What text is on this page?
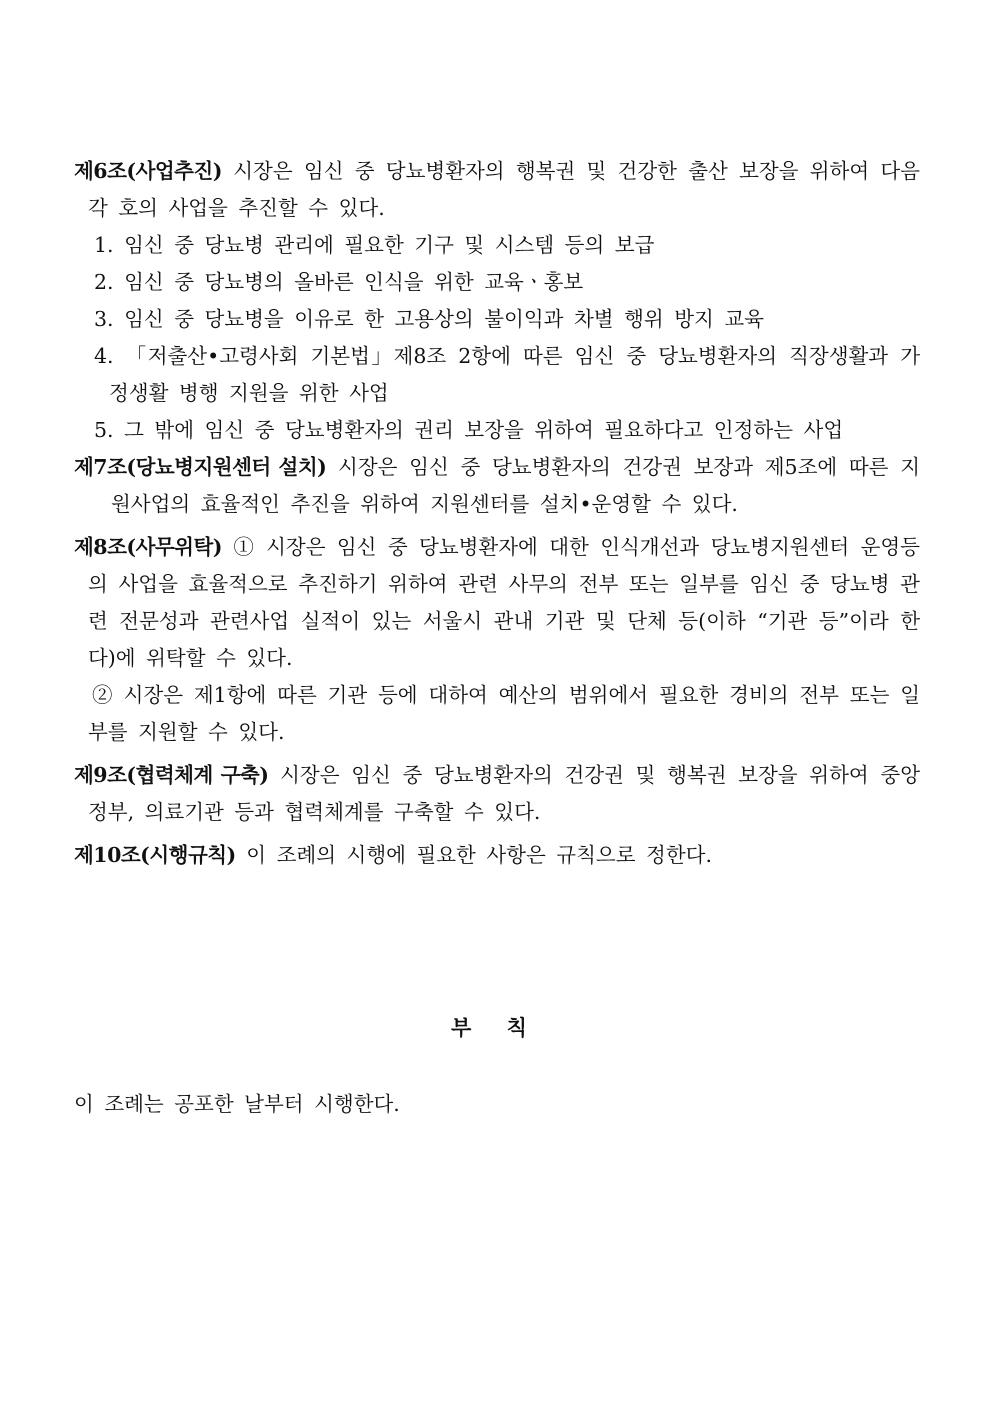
제6조(사업추진) 시장은 임신 중 당뇨병환자의 행복권 및 건강한 출산 보장을 위하여 다음 각 호의 사업을 추진할 수 있다.

1. 임신 중 당뇨병 관리에 필요한 기구 및 시스템 등의 보급
2. 임신 중 당뇨병의 올바른 인식을 위한 교육ㆍ홍보
3. 임신 중 당뇨병을 이유로 한 고용상의 불이익과 차별 행위 방지 교육
4. 「저출산•고령사회 기본법」제8조 2항에 따른 임신 중 당뇨병환자의 직장생활과 가정생활 병행 지원을 위한 사업
5. 그 밖에 임신 중 당뇨병환자의 권리 보장을 위하여 필요하다고 인정하는 사업

제7조(당뇨병지원센터 설치) 시장은 임신 중 당뇨병환자의 건강권 보장과 제5조에 따른 지원사업의 효율적인 추진을 위하여 지원센터를 설치•운영할 수 있다.

제8조(사무위탁) ① 시장은 임신 중 당뇨병환자에 대한 인식개선과 당뇨병지원센터 운영등의 사업을 효율적으로 추진하기 위하여 관련 사무의 전부 또는 일부를 임신 중 당뇨병 관련 전문성과 관련사업 실적이 있는 서울시 관내 기관 및 단체 등(이하 “기관 등”이라 한다)에 위탁할 수 있다.

② 시장은 제1항에 따른 기관 등에 대하여 예산의 범위에서 필요한 경비의 전부 또는 일부를 지원할 수 있다.

제9조(협력체계 구축) 시장은 임신 중 당뇨병환자의 건강권 및 행복권 보장을 위하여 중앙정부, 의료기관 등과 협력체계를 구축할 수 있다.

제10조(시행규칙) 이 조례의 시행에 필요한 사항은 규칙으로 정한다.

부 칙
이 조례는 공포한 날부터 시행한다.
